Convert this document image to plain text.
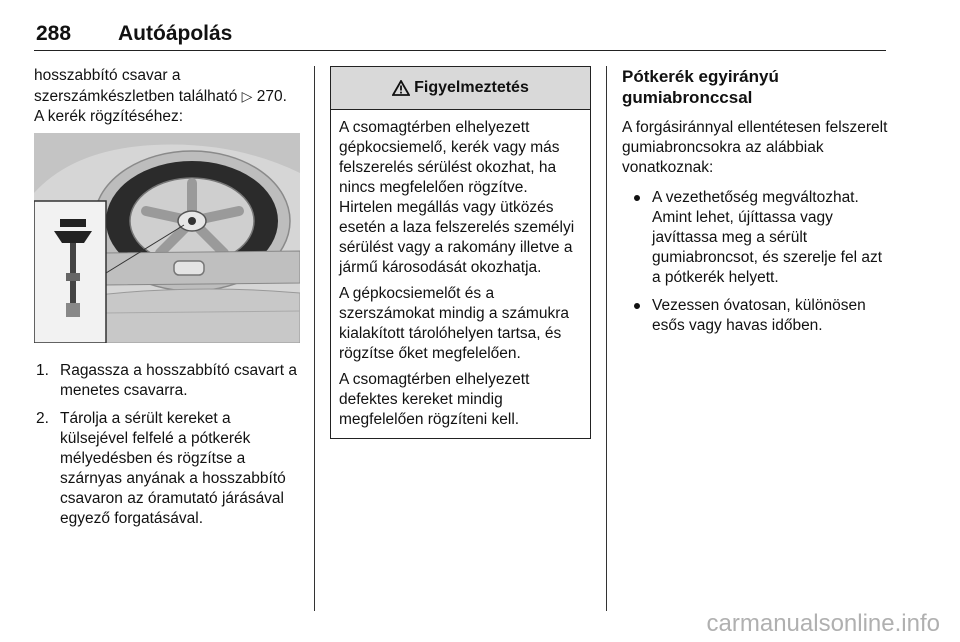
288 Autóápolás

hosszabbító csavar a
szerszámkészletben található ▷ 270.
A kerék rögzítéséhez:

1. Ragassza a hosszabbító csavart a menetes csavarra.
2. Tárolja a sérült kereket a külsejével felfelé a pótkerék mélyedésben és rögzítse a szárnyas anyának a hosszabbító csavaron az óramutató járásával egyező forgatásával.
Figyelmeztetés

A csomagtérben elhelyezett gépkocsiemelő, kerék vagy más felszerelés sérülést okozhat, ha nincs megfelelően rögzítve. Hirtelen megállás vagy ütközés esetén a laza felszerelés személyi sérülést vagy a rakomány illetve a jármű károsodását okozhatja.

A gépkocsiemelőt és a szerszámokat mindig a számukra kialakított tárolóhelyen tartsa, és rögzítse őket megfelelően.

A csomagtérben elhelyezett defektes kereket mindig megfelelően rögzíteni kell.

Pótkerék egyirányú
gumiabronccsal

A forgásiránnyal ellentétesen felszerelt gumiabroncsokra az alábbiak vonatkoznak:

A vezethetőség megváltozhat. Amint lehet, újíttassa vagy javíttassa meg a sérült gumiabroncsot, és szerelje fel azt a pótkerék helyett.
Vezessen óvatosan, különösen esős vagy havas időben.
carmanualsonline.info
